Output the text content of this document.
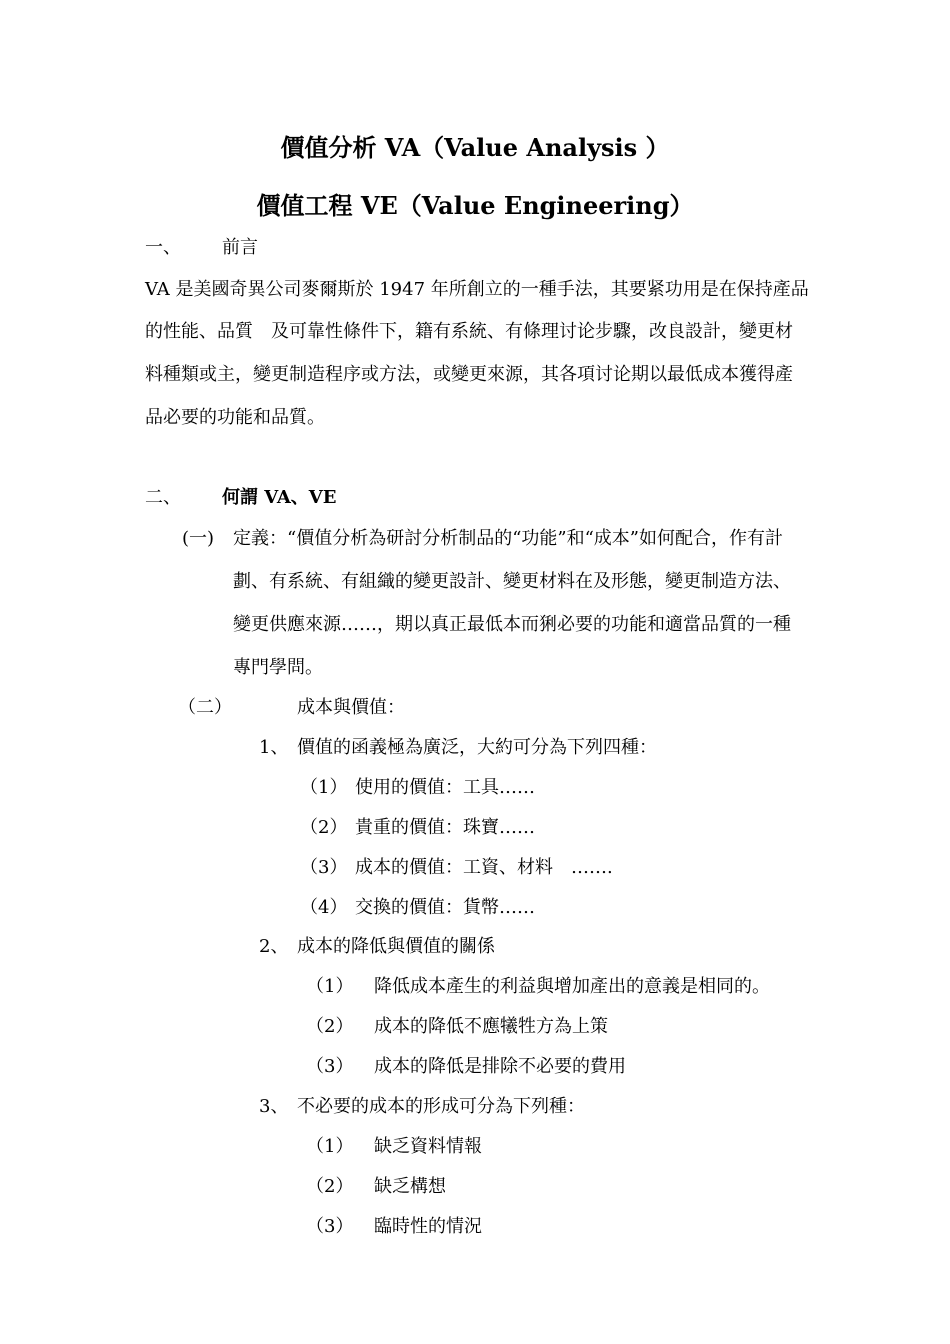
價值分析 VA（Value Analysis ）
價值工程 VE（Value Engineering）
一、 前言
VA 是美國奇異公司麥爾斯於 1947 年所創立的一種手法，其要紧功用是在保持產品
的性能、品質　及可靠性條件下，籍有系統、有條理讨论步驟，改良設計，變更材
料種類或主，變更制造程序或方法，或變更來源，其各項讨论期以最低成本獲得產
品必要的功能和品質。
二、 何謂 VA、VE
(一) 定義：“價值分析為研討分析制品的“功能”和“成本”如何配合，作有計
劃、有系統、有組織的變更設計、變更材料在及形態，變更制造方法、
變更供應來源……，期以真正最低本而猁必要的功能和適當品質的一種
專門學問。
（二）	成本與價值：
1、 價值的函義極為廣泛，大約可分為下列四種：
（1） 使用的價值：工具……
（2） 貴重的價值：珠寶……
（3） 成本的價值：工資、材料　…….
（4） 交換的價值：貨幣……
2、 成本的降低與價值的關係
（1） 降低成本產生的利益與增加產出的意義是相同的。
（2） 成本的降低不應犧牲方為上策
（3） 成本的降低是排除不必要的費用
3、 不必要的成本的形成可分為下列種：
（1） 缺乏資料情報
（2） 缺乏構想
（3） 臨時性的情況
